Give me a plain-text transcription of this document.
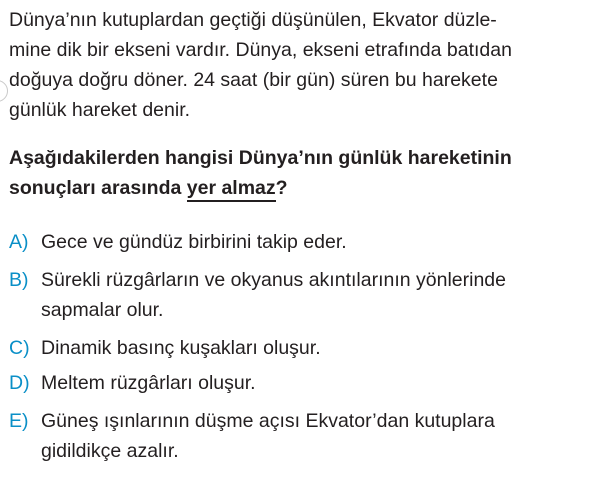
Dünya’nın kutuplardan geçtiği düşünülen, Ekvator düzle-
mine dik bir ekseni vardır. Dünya, ekseni etrafında batıdan
doğuya doğru döner. 24 saat (bir gün) süren bu harekete
günlük hareket denir.

Aşağıdakilerden hangisi Dünya’nın günlük hareketinin
sonuçları arasında yer almaz?

A) Gece ve gündüz birbirini takip eder.
B) Sürekli rüzgârların ve okyanus akıntılarının yönlerinde
sapmalar olur.
C) Dinamik basınç kuşakları oluşur.
D) Meltem rüzgârları oluşur.
E) Güneş ışınlarının düşme açısı Ekvator’dan kutuplara
gidildikçe azalır.
